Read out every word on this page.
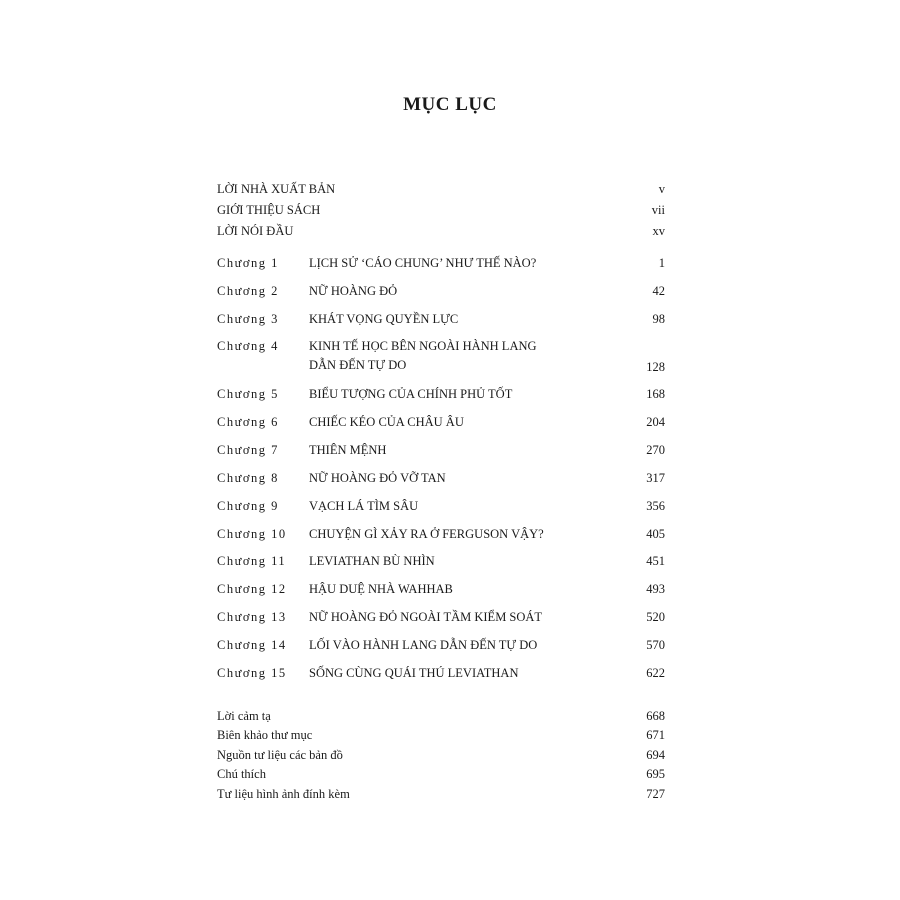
MỤC LỤC
LỜI NHÀ XUẤT BẢN	v
GIỚI THIỆU SÁCH	vii
LỜI NÓI ĐẦU	xv
Chương 1 LỊCH SỬ ‘CÁO CHUNG’ NHƯ THẾ NÀO?	1
Chương 2 NỮ HOÀNG ĐỎ	42
Chương 3 KHÁT VỌNG QUYỀN LỰC	98
Chương 4 KINH TẾ HỌC BÊN NGOÀI HÀNH LANG
DẪN ĐẾN TỰ DO	128
Chương 5 BIỂU TƯỢNG CỦA CHÍNH PHỦ TỐT	168
Chương 6 CHIẾC KÉO CỦA CHÂU ÂU	204
Chương 7 THIÊN MỆNH	270
Chương 8 NỮ HOÀNG ĐỎ VỠ TAN	317
Chương 9 VẠCH LÁ TÌM SÂU	356
Chương 10 CHUYỆN GÌ XẢY RA Ở FERGUSON VẬY?	405
Chương 11 LEVIATHAN BÙ NHÌN	451
Chương 12 HẬU DUỆ NHÀ WAHHAB	493
Chương 13 NỮ HOÀNG ĐỎ NGOÀI TẦM KIỂM SOÁT	520
Chương 14 LỐI VÀO HÀNH LANG DẪN ĐẾN TỰ DO	570
Chương 15 SỐNG CÙNG QUÁI THÚ LEVIATHAN	622
Lời cảm tạ	668
Biên khảo thư mục	671
Nguồn tư liệu các bản đồ	694
Chú thích	695
Tư liệu hình ảnh đính kèm	727
